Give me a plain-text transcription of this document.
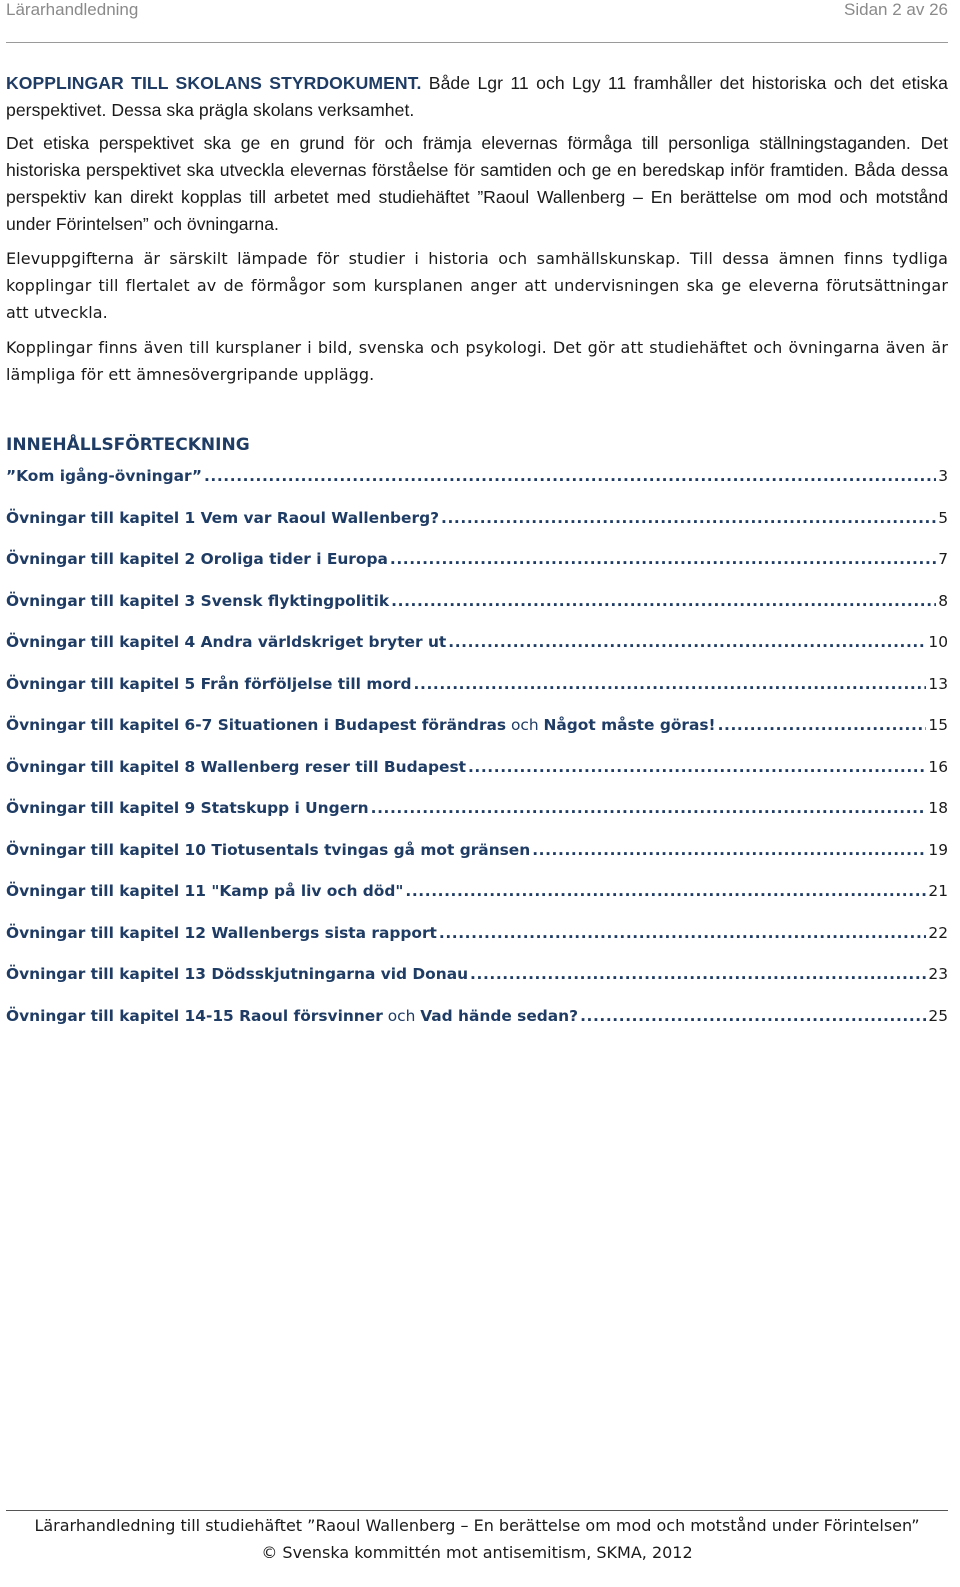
Lärarhandledning	Sidan 2 av 26

KOPPLINGAR TILL SKOLANS STYRDOKUMENT. Både Lgr 11 och Lgy 11 framhåller det historiska och det etiska perspektivet. Dessa ska prägla skolans verksamhet.

Det etiska perspektivet ska ge en grund för och främja elevernas förmåga till personliga ställningstaganden. Det historiska perspektivet ska utveckla elevernas förståelse för samtiden och ge en beredskap inför framtiden. Båda dessa perspektiv kan direkt kopplas till arbetet med studiehäftet ”Raoul Wallenberg – En berättelse om mod och motstånd under Förintelsen” och övningarna.

Elevuppgifterna är särskilt lämpade för studier i historia och samhällskunskap. Till dessa ämnen finns tydliga kopplingar till flertalet av de förmågor som kursplanen anger att undervisningen ska ge eleverna förutsättningar att utveckla.

Kopplingar finns även till kursplaner i bild, svenska och psykologi. Det gör att studiehäftet och övningarna även är lämpliga för ett ämnesövergripande upplägg.

INNEHÅLLSFÖRTECKNING
”Kom igång-övningar” .....	3
Övningar till kapitel 1 Vem var Raoul Wallenberg? .....	5
Övningar till kapitel 2 Oroliga tider i Europa .....	7
Övningar till kapitel 3 Svensk flyktingpolitik .....	8
Övningar till kapitel 4 Andra världskriget bryter ut .....	10
Övningar till kapitel 5 Från förföljelse till mord .....	13
Övningar till kapitel 6-7 Situationen i Budapest förändras och Något måste göras! .....	15
Övningar till kapitel 8 Wallenberg reser till Budapest .....	16
Övningar till kapitel 9 Statskupp i Ungern .....	18
Övningar till kapitel 10 Tiotusentals tvingas gå mot gränsen .....	19
Övningar till kapitel 11 "Kamp på liv och död" .....	21
Övningar till kapitel 12 Wallenbergs sista rapport .....	22
Övningar till kapitel 13 Dödsskjutningarna vid Donau .....	23
Övningar till kapitel 14-15 Raoul försvinner och Vad hände sedan? .....	25
Lärarhandledning till studiehäftet ”Raoul Wallenberg – En berättelse om mod och motstånd under Förintelsen”
© Svenska kommittén mot antisemitism, SKMA, 2012
